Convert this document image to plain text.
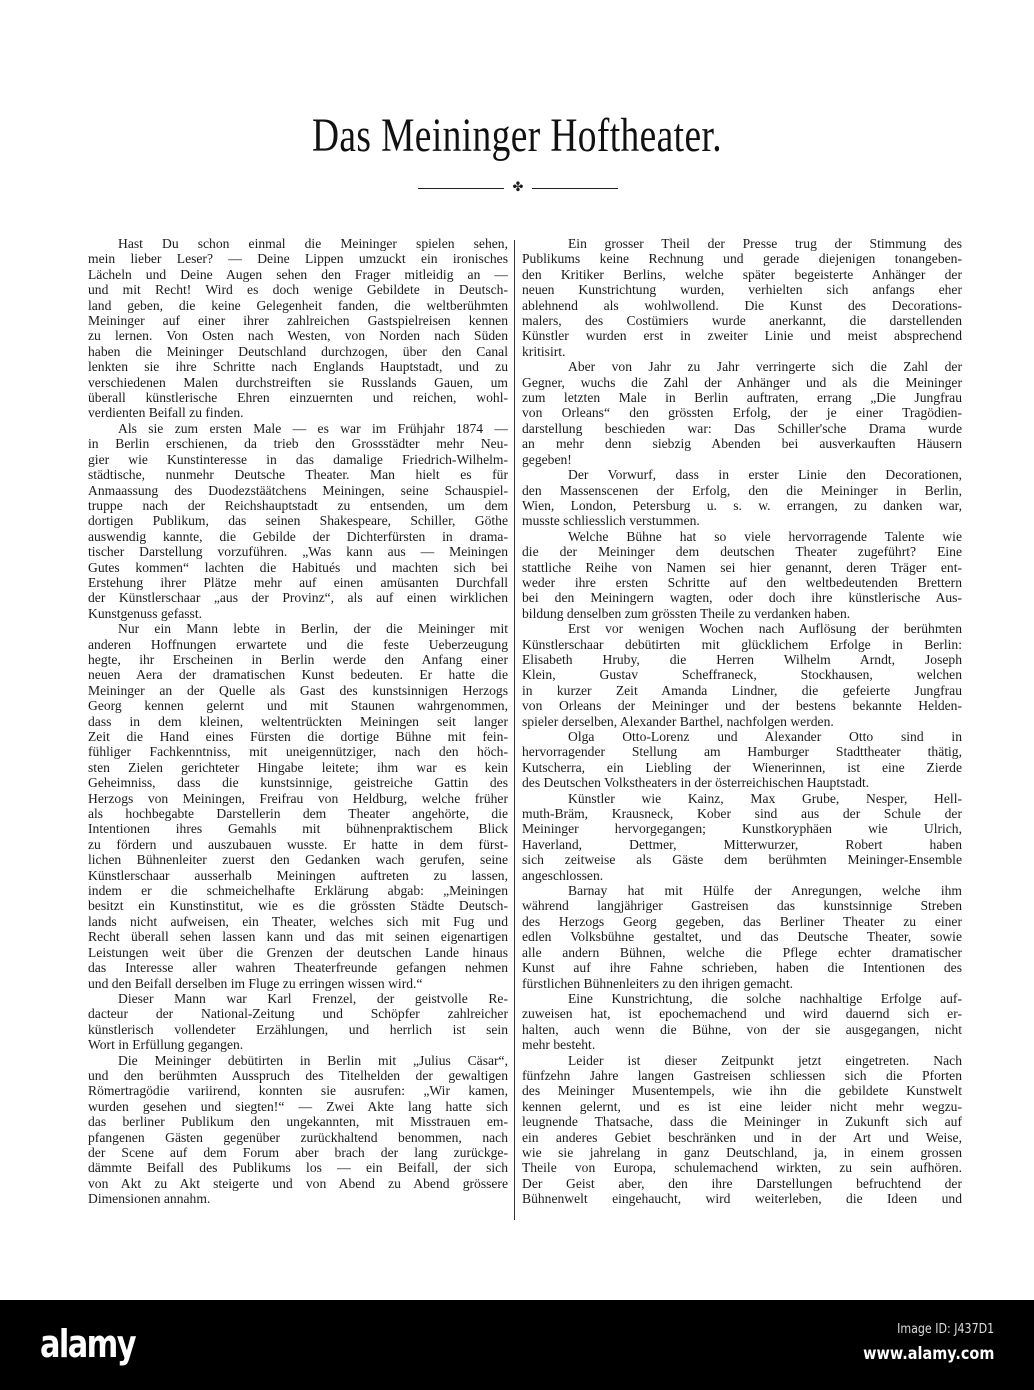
Das Meininger Hoftheater.
✤
Hast Du schon einmal die Meininger spielen sehen,
mein lieber Leser? — Deine Lippen umzuckt ein ironisches
Lächeln und Deine Augen sehen den Frager mitleidig an —
und mit Recht! Wird es doch wenige Gebildete in Deutsch-
land geben, die keine Gelegenheit fanden, die weltberühmten
Meininger auf einer ihrer zahlreichen Gastspielreisen kennen
zu lernen. Von Osten nach Westen, von Norden nach Süden
haben die Meininger Deutschland durchzogen, über den Canal
lenkten sie ihre Schritte nach Englands Hauptstadt, und zu
verschiedenen Malen durchstreiften sie Russlands Gauen, um
überall künstlerische Ehren einzuernten und reichen, wohl-
verdienten Beifall zu finden.
Als sie zum ersten Male — es war im Frühjahr 1874 —
in Berlin erschienen, da trieb den Grossstädter mehr Neu-
gier wie Kunstinteresse in das damalige Friedrich-Wilhelm-
städtische, nunmehr Deutsche Theater. Man hielt es für
Anmaassung des Duodezstäätchens Meiningen, seine Schauspiel-
truppe nach der Reichshauptstadt zu entsenden, um dem
dortigen Publikum, das seinen Shakespeare, Schiller, Göthe
auswendig kannte, die Gebilde der Dichterfürsten in drama-
tischer Darstellung vorzuführen. „Was kann aus — Meiningen
Gutes kommen“ lachten die Habitués und machten sich bei
Erstehung ihrer Plätze mehr auf einen amüsanten Durchfall
der Künstlerschaar „aus der Provinz“, als auf einen wirklichen
Kunstgenuss gefasst.
Nur ein Mann lebte in Berlin, der die Meininger mit
anderen Hoffnungen erwartete und die feste Ueberzeugung
hegte, ihr Erscheinen in Berlin werde den Anfang einer
neuen Aera der dramatischen Kunst bedeuten. Er hatte die
Meininger an der Quelle als Gast des kunstsinnigen Herzogs
Georg kennen gelernt und mit Staunen wahrgenommen,
dass in dem kleinen, weltentrückten Meiningen seit langer
Zeit die Hand eines Fürsten die dortige Bühne mit fein-
fühliger Fachkenntniss, mit uneigennütziger, nach den höch-
sten Zielen gerichteter Hingabe leitete; ihm war es kein
Geheimniss, dass die kunstsinnige, geistreiche Gattin des
Herzogs von Meiningen, Freifrau von Heldburg, welche früher
als hochbegabte Darstellerin dem Theater angehörte, die
Intentionen ihres Gemahls mit bühnenpraktischem Blick
zu fördern und auszubauen wusste. Er hatte in dem fürst-
lichen Bühnenleiter zuerst den Gedanken wach gerufen, seine
Künstlerschaar ausserhalb Meiningen auftreten zu lassen,
indem er die schmeichelhafte Erklärung abgab: „Meiningen
besitzt ein Kunstinstitut, wie es die grössten Städte Deutsch-
lands nicht aufweisen, ein Theater, welches sich mit Fug und
Recht überall sehen lassen kann und das mit seinen eigenartigen
Leistungen weit über die Grenzen der deutschen Lande hinaus
das Interesse aller wahren Theaterfreunde gefangen nehmen
und den Beifall derselben im Fluge zu erringen wissen wird.“
Dieser Mann war Karl Frenzel, der geistvolle Re-
dacteur der National-Zeitung und Schöpfer zahlreicher
künstlerisch vollendeter Erzählungen, und herrlich ist sein
Wort in Erfüllung gegangen.
Die Meininger debütirten in Berlin mit „Julius Cäsar“,
und den berühmten Ausspruch des Titelhelden der gewaltigen
Römertragödie variirend, konnten sie ausrufen: „Wir kamen,
wurden gesehen und siegten!“ — Zwei Akte lang hatte sich
das berliner Publikum den ungekannten, mit Misstrauen em-
pfangenen Gästen gegenüber zurückhaltend benommen, nach
der Scene auf dem Forum aber brach der lang zurückge-
dämmte Beifall des Publikums los — ein Beifall, der sich
von Akt zu Akt steigerte und von Abend zu Abend grössere
Dimensionen annahm.
Ein grosser Theil der Presse trug der Stimmung des
Publikums keine Rechnung und gerade diejenigen tonangeben-
den Kritiker Berlins, welche später begeisterte Anhänger der
neuen Kunstrichtung wurden, verhielten sich anfangs eher
ablehnend als wohlwollend. Die Kunst des Decorations-
malers, des Costümiers wurde anerkannt, die darstellenden
Künstler wurden erst in zweiter Linie und meist absprechend
kritisirt.
Aber von Jahr zu Jahr verringerte sich die Zahl der
Gegner, wuchs die Zahl der Anhänger und als die Meininger
zum letzten Male in Berlin auftraten, errang „Die Jungfrau
von Orleans“ den grössten Erfolg, der je einer Tragödien-
darstellung beschieden war: Das Schiller'sche Drama wurde
an mehr denn siebzig Abenden bei ausverkauften Häusern
gegeben!
Der Vorwurf, dass in erster Linie den Decorationen,
den Massenscenen der Erfolg, den die Meininger in Berlin,
Wien, London, Petersburg u. s. w. errangen, zu danken war,
musste schliesslich verstummen.
Welche Bühne hat so viele hervorragende Talente wie
die der Meininger dem deutschen Theater zugeführt? Eine
stattliche Reihe von Namen sei hier genannt, deren Träger ent-
weder ihre ersten Schritte auf den weltbedeutenden Brettern
bei den Meiningern wagten, oder doch ihre künstlerische Aus-
bildung denselben zum grössten Theile zu verdanken haben.
Erst vor wenigen Wochen nach Auflösung der berühmten
Künstlerschaar debütirten mit glücklichem Erfolge in Berlin:
Elisabeth Hruby, die Herren Wilhelm Arndt, Joseph
Klein, Gustav Scheffraneck, Stockhausen, welchen
in kurzer Zeit Amanda Lindner, die gefeierte Jungfrau
von Orleans der Meininger und der bestens bekannte Helden-
spieler derselben, Alexander Barthel, nachfolgen werden.
Olga Otto-Lorenz und Alexander Otto sind in
hervorragender Stellung am Hamburger Stadttheater thätig,
Kutscherra, ein Liebling der Wienerinnen, ist eine Zierde
des Deutschen Volkstheaters in der österreichischen Hauptstadt.
Künstler wie Kainz, Max Grube, Nesper, Hell-
muth-Bräm, Krausneck, Kober sind aus der Schule der
Meininger hervorgegangen; Kunstkoryphäen wie Ulrich,
Haverland, Dettmer, Mitterwurzer, Robert haben
sich zeitweise als Gäste dem berühmten Meininger-Ensemble
angeschlossen.
Barnay hat mit Hülfe der Anregungen, welche ihm
während langjähriger Gastreisen das kunstsinnige Streben
des Herzogs Georg gegeben, das Berliner Theater zu einer
edlen Volksbühne gestaltet, und das Deutsche Theater, sowie
alle andern Bühnen, welche die Pflege echter dramatischer
Kunst auf ihre Fahne schrieben, haben die Intentionen des
fürstlichen Bühnenleiters zu den ihrigen gemacht.
Eine Kunstrichtung, die solche nachhaltige Erfolge auf-
zuweisen hat, ist epochemachend und wird dauernd sich er-
halten, auch wenn die Bühne, von der sie ausgegangen, nicht
mehr besteht.
Leider ist dieser Zeitpunkt jetzt eingetreten. Nach
fünfzehn Jahre langen Gastreisen schliessen sich die Pforten
des Meininger Musentempels, wie ihn die gebildete Kunstwelt
kennen gelernt, und es ist eine leider nicht mehr wegzu-
leugnende Thatsache, dass die Meininger in Zukunft sich auf
ein anderes Gebiet beschränken und in der Art und Weise,
wie sie jahrelang in ganz Deutschland, ja, in einem grossen
Theile von Europa, schulemachend wirkten, zu sein aufhören.
Der Geist aber, den ihre Darstellungen befruchtend der
Bühnenwelt eingehaucht, wird weiterleben, die Ideen und
alamy	Image ID: J437D1
www.alamy.com
